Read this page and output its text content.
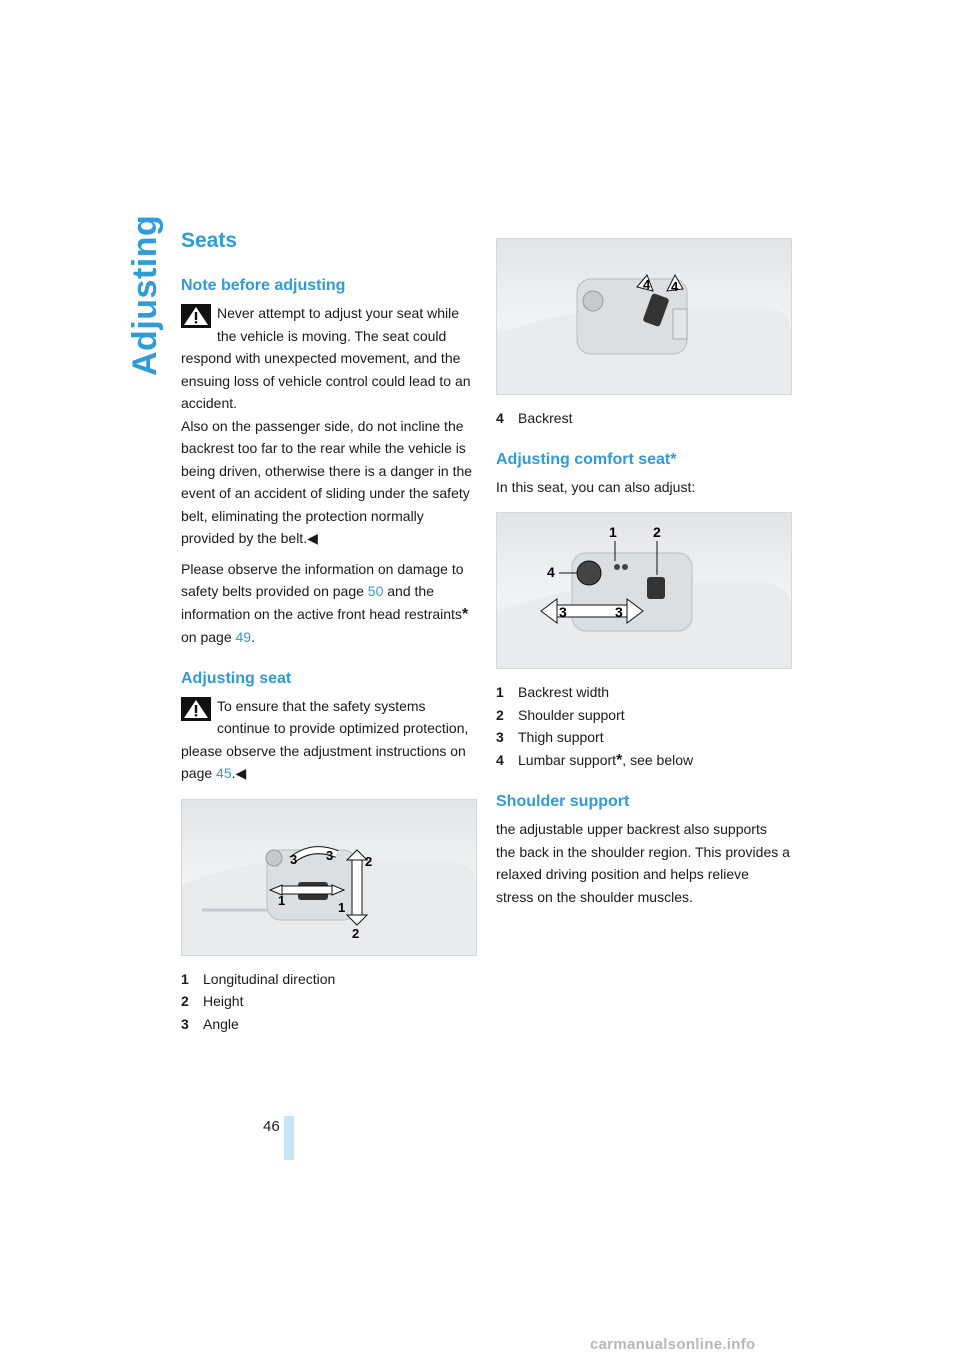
Adjusting Seats
Note before adjusting
Never attempt to adjust your seat while the vehicle is moving. The seat could respond with unexpected movement, and the ensuing loss of vehicle control could lead to an accident.
Also on the passenger side, do not incline the backrest too far to the rear while the vehicle is being driven, otherwise there is a danger in the event of an accident of sliding under the safety belt, eliminating the protection normally provided by the belt.◀

Please observe the information on damage to safety belts provided on page 50 and the information on the active front head restraints* on page 49.

Adjusting seat
To ensure that the safety systems continue to provide optimized protection, please observe the adjustment instructions on page 45.◀
1	1
2
2
3 3
1	Longitudinal direction
2	Height
3	Angle
4 4
4	Backrest
Adjusting comfort seat*

In this seat, you can also adjust:

1	2
3	3
4
1	Backrest width
2	Shoulder support
3	Thigh support
4	Lumbar support*, see below
Shoulder support

the adjustable upper backrest also supports the back in the shoulder region. This provides a relaxed driving position and helps relieve stress on the shoulder muscles.

46
carmanualsonline.info
